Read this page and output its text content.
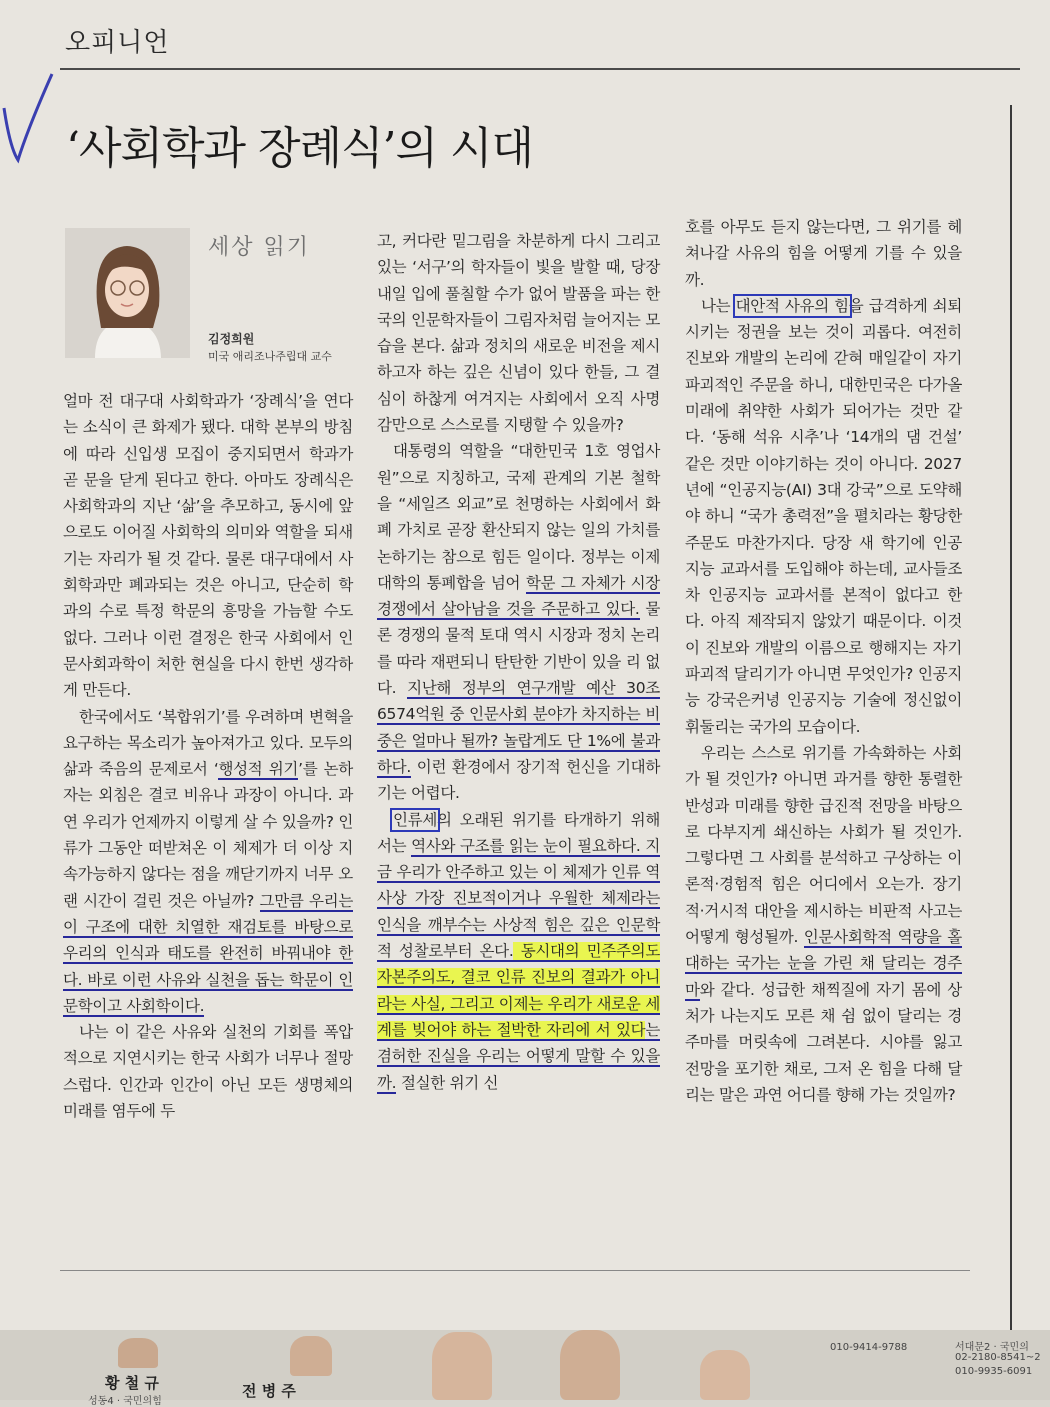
오피니언
‘사회학과 장례식’의 시대
세상 읽기
김정희원
미국 애리조나주립대 교수

얼마 전 대구대 사회학과가 ‘장례식’을 연다는 소식이 큰 화제가 됐다. 대학 본부의 방침에 따라 신입생 모집이 중지되면서 학과가 곧 문을 닫게 된다고 한다. 아마도 장례식은 사회학과의 지난 ‘삶’을 추모하고, 동시에 앞으로도 이어질 사회학의 의미와 역할을 되새기는 자리가 될 것 같다. 물론 대구대에서 사회학과만 폐과되는 것은 아니고, 단순히 학과의 수로 특정 학문의 흥망을 가늠할 수도 없다. 그러나 이런 결정은 한국 사회에서 인문사회과학이 처한 현실을 다시 한번 생각하게 만든다.

한국에서도 ‘복합위기’를 우려하며 변혁을 요구하는 목소리가 높아져가고 있다. 모두의 삶과 죽음의 문제로서 ‘행성적 위기’를 논하자는 외침은 결코 비유나 과장이 아니다. 과연 우리가 언제까지 이렇게 살 수 있을까? 인류가 그동안 떠받쳐온 이 체제가 더 이상 지속가능하지 않다는 점을 깨닫기까지 너무 오랜 시간이 걸린 것은 아닐까? 그만큼 우리는 이 구조에 대한 치열한 재검토를 바탕으로 우리의 인식과 태도를 완전히 바꿔내야 한다. 바로 이런 사유와 실천을 돕는 학문이 인문학이고 사회학이다.

나는 이 같은 사유와 실천의 기회를 폭압적으로 지연시키는 한국 사회가 너무나 절망스럽다. 인간과 인간이 아닌 모든 생명체의 미래를 염두에 두

고, 커다란 밑그림을 차분하게 다시 그리고 있는 ‘서구’의 학자들이 빛을 발할 때, 당장 내일 입에 풀칠할 수가 없어 발품을 파는 한국의 인문학자들이 그림자처럼 늘어지는 모습을 본다. 삶과 정치의 새로운 비전을 제시하고자 하는 깊은 신념이 있다 한들, 그 결심이 하찮게 여겨지는 사회에서 오직 사명감만으로 스스로를 지탱할 수 있을까?

대통령의 역할을 “대한민국 1호 영업사원”으로 지칭하고, 국제 관계의 기본 철학을 “세일즈 외교”로 천명하는 사회에서 화폐 가치로 곧장 환산되지 않는 일의 가치를 논하기는 참으로 힘든 일이다. 정부는 이제 대학의 통폐합을 넘어 학문 그 자체가 시장 경쟁에서 살아남을 것을 주문하고 있다. 물론 경쟁의 물적 토대 역시 시장과 정치 논리를 따라 재편되니 탄탄한 기반이 있을 리 없다. 지난해 정부의 연구개발 예산 30조6574억원 중 인문사회 분야가 차지하는 비중은 얼마나 될까? 놀랍게도 단 1%에 불과하다. 이런 환경에서 장기적 헌신을 기대하기는 어렵다.

인류세의 오래된 위기를 타개하기 위해서는 역사와 구조를 읽는 눈이 필요하다. 지금 우리가 안주하고 있는 이 체제가 인류 역사상 가장 진보적이거나 우월한 체제라는 인식을 깨부수는 사상적 힘은 깊은 인문학적 성찰로부터 온다. 동시대의 민주주의도 자본주의도, 결코 인류 진보의 결과가 아니라는 사실, 그리고 이제는 우리가 새로운 세계를 빚어야 하는 절박한 자리에 서 있다는 겸허한 진실을 우리는 어떻게 말할 수 있을까. 절실한 위기 신

호를 아무도 듣지 않는다면, 그 위기를 헤쳐나갈 사유의 힘을 어떻게 기를 수 있을까.

나는 대안적 사유의 힘을 급격하게 쇠퇴시키는 정권을 보는 것이 괴롭다. 여전히 진보와 개발의 논리에 갇혀 매일같이 자기파괴적인 주문을 하니, 대한민국은 다가올 미래에 취약한 사회가 되어가는 것만 같다. ‘동해 석유 시추’나 ‘14개의 댐 건설’ 같은 것만 이야기하는 것이 아니다. 2027년에 “인공지능(AI) 3대 강국”으로 도약해야 하니 “국가 총력전”을 펼치라는 황당한 주문도 마찬가지다. 당장 새 학기에 인공지능 교과서를 도입해야 하는데, 교사들조차 인공지능 교과서를 본적이 없다고 한다. 아직 제작되지 않았기 때문이다. 이것이 진보와 개발의 이름으로 행해지는 자기파괴적 달리기가 아니면 무엇인가? 인공지능 강국은커녕 인공지능 기술에 정신없이 휘둘리는 국가의 모습이다.

우리는 스스로 위기를 가속화하는 사회가 될 것인가? 아니면 과거를 향한 통렬한 반성과 미래를 향한 급진적 전망을 바탕으로 다부지게 쇄신하는 사회가 될 것인가. 그렇다면 그 사회를 분석하고 구상하는 이론적·경험적 힘은 어디에서 오는가. 장기적·거시적 대안을 제시하는 비판적 사고는 어떻게 형성될까. 인문사회학적 역량을 홀대하는 국가는 눈을 가린 채 달리는 경주마와 같다. 성급한 채찍질에 자기 몸에 상처가 나는지도 모른 채 쉼 없이 달리는 경주마를 머릿속에 그려본다. 시야를 잃고 전망을 포기한 채로, 그저 온 힘을 다해 달리는 말은 과연 어디를 향해 가는 것일까?

황 철 규
성동4 · 국민의힘
전 병 주
010-9414-9788	서대문2 · 국민의
02-2180-8541~2
010-9935-6091
